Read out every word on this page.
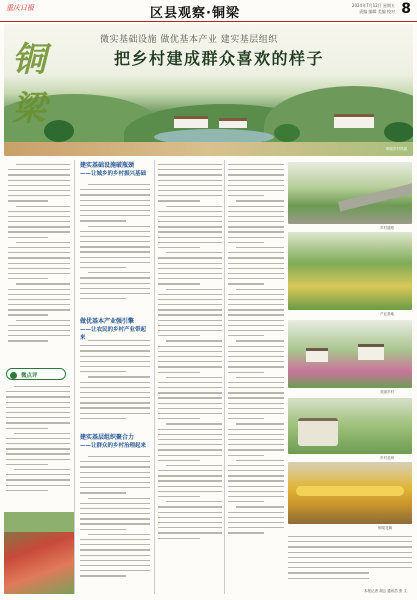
重庆日报	区县观察·铜梁
2024年7月12日 星期五
责编 编辑 美编 校对 8
铜梁
微实基础设施 做优基本产业 建实基层组织
把乡村建成群众喜欢的样子
铜梁乡村风貌
微点评
建实基础设施破瓶颈
——让城乡的乡村振兴基础
做优基本产业强引擎
——让农民的乡村产业带起来
建实基层组织聚合力
——让群众的乡村治理起来
乡村道路
产业基地
美丽乡村
乡村花海
铜梁龙舞
本报记者 胡云 通讯员 张 文
